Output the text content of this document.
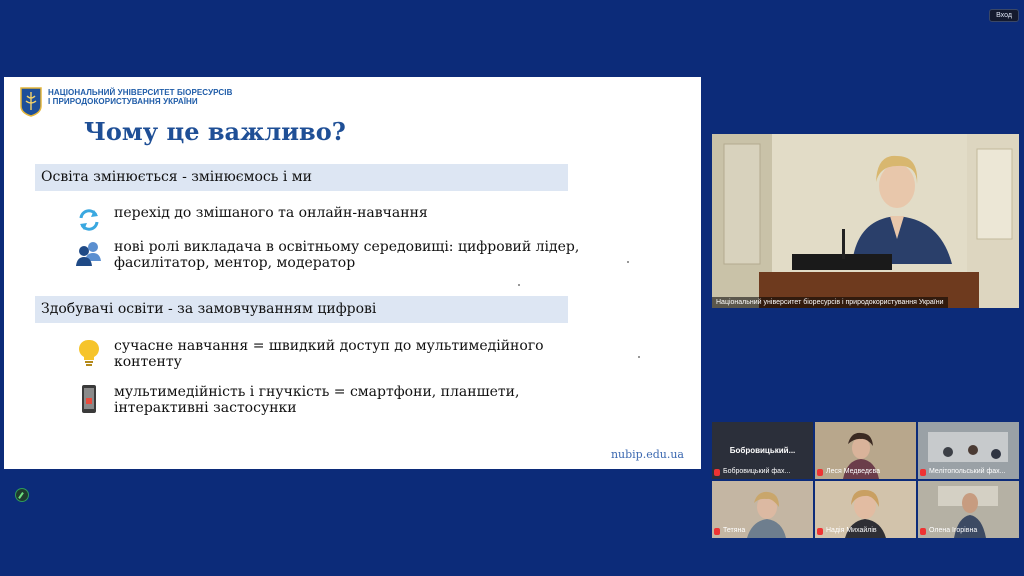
Вход
НАЦІОНАЛЬНИЙ УНІВЕРСИТЕТ БІОРЕСУРСІВ
І ПРИРОДОКОРИСТУВАННЯ УКРАЇНИ
Чому це важливо?
Освіта змінюється - змінюємось і ми
перехід до змішаного та онлайн-навчання
нові ролі викладача в освітньому середовищі: цифровий лідер,
фасилітатор, ментор, модератор
Здобувачі освіти - за замовчуванням цифрові
сучасне навчання = швидкий доступ до мультимедійного
контенту
мультимедійність і гнучкість = смартфони, планшети,
інтерактивні застосунки
nubip.edu.ua
Національний університет біоресурсів і природокористування України
Бобровицький...
Бобровицький фах...	Леся Медведєва	Мелітопольський фах...
Тетяна	Надія Михайлів	Олена Ігорівна
